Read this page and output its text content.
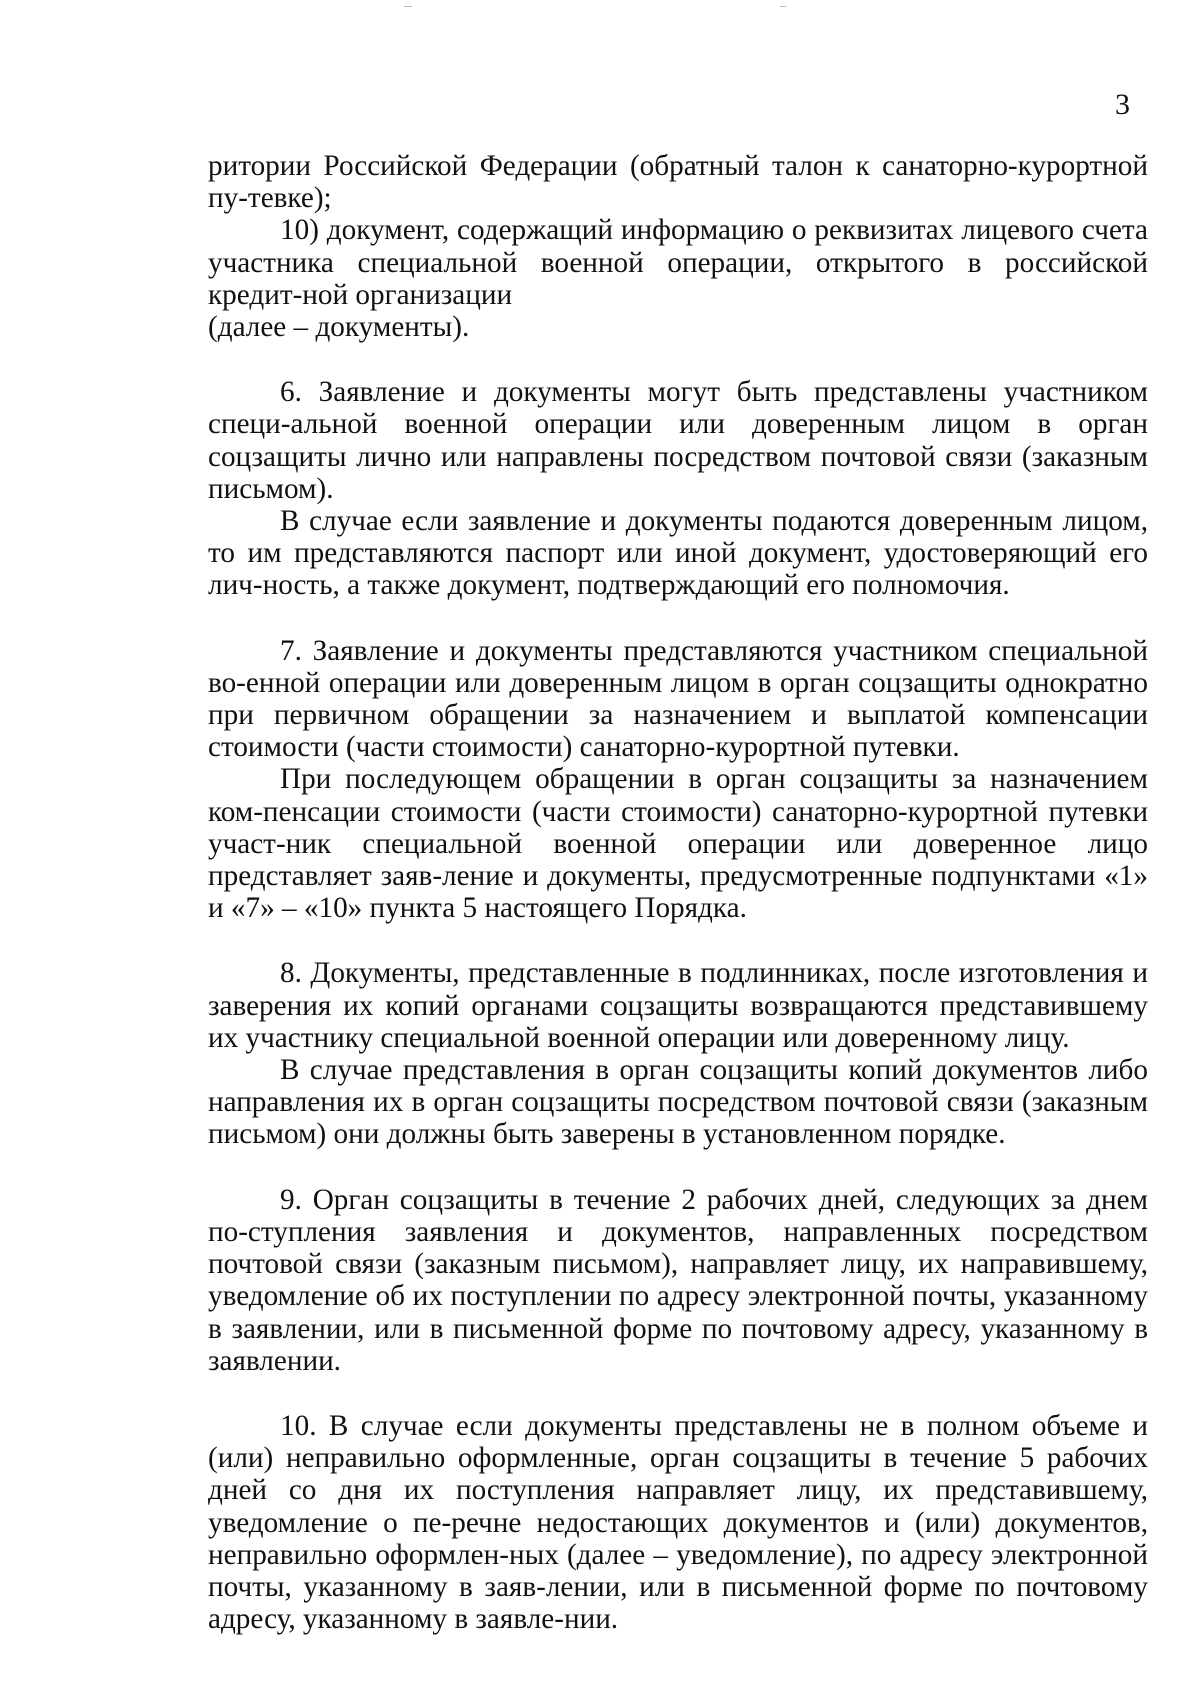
3

ритории Российской Федерации (обратный талон к санаторно-курортной пу-тевке);

10) документ, содержащий информацию о реквизитах лицевого счета участника специальной военной операции, открытого в российской кредит-ной организации

(далее – документы).

6. Заявление и документы могут быть представлены участником специ-альной военной операции или доверенным лицом в орган соцзащиты лично или направлены посредством почтовой связи (заказным письмом).

В случае если заявление и документы подаются доверенным лицом, то им представляются паспорт или иной документ, удостоверяющий его лич-ность, а также документ, подтверждающий его полномочия.

7. Заявление и документы представляются участником специальной во-енной операции или доверенным лицом в орган соцзащиты однократно при первичном обращении за назначением и выплатой компенсации стоимости (части стоимости) санаторно-курортной путевки.

При последующем обращении в орган соцзащиты за назначением ком-пенсации стоимости (части стоимости) санаторно-курортной путевки участ-ник специальной военной операции или доверенное лицо представляет заяв-ление и документы, предусмотренные подпунктами «1» и «7» – «10» пункта 5 настоящего Порядка.

8. Документы, представленные в подлинниках, после изготовления и заверения их копий органами соцзащиты возвращаются представившему их участнику специальной военной операции или доверенному лицу.

В случае представления в орган соцзащиты копий документов либо направления их в орган соцзащиты посредством почтовой связи (заказным письмом) они должны быть заверены в установленном порядке.

9. Орган соцзащиты в течение 2 рабочих дней, следующих за днем по-ступления заявления и документов, направленных посредством почтовой связи (заказным письмом), направляет лицу, их направившему, уведомление об их поступлении по адресу электронной почты, указанному в заявлении, или в письменной форме по почтовому адресу, указанному в заявлении.

10. В случае если документы представлены не в полном объеме и (или) неправильно оформленные, орган соцзащиты в течение 5 рабочих дней со дня их поступления направляет лицу, их представившему, уведомление о пе-речне недостающих документов и (или) документов, неправильно оформлен-ных (далее – уведомление), по адресу электронной почты, указанному в заяв-лении, или в письменной форме по почтовому адресу, указанному в заявле-нии.
